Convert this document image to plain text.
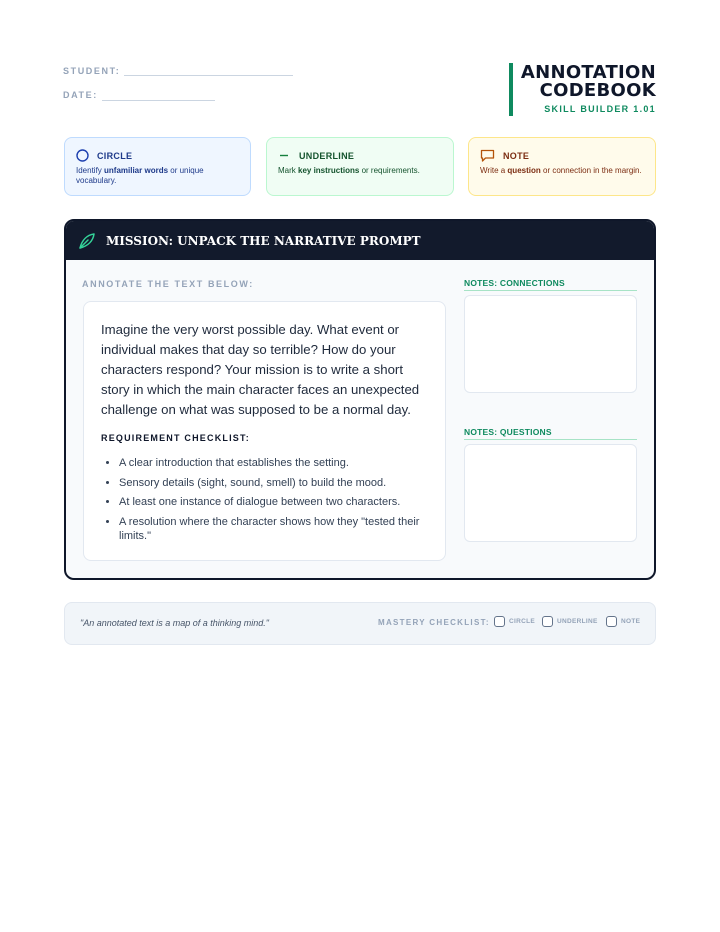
STUDENT:
DATE:
ANNOTATION
CODEBOOK
SKILL BUILDER 1.01
CIRCLE
Identify unfamiliar words or unique vocabulary.
UNDERLINE
Mark key instructions or requirements.
NOTE
Write a question or connection in the margin.
MISSION: UNPACK THE NARRATIVE PROMPT
ANNOTATE THE TEXT BELOW:

Imagine the very worst possible day. What event or individual makes that day so terrible? How do your characters respond? Your mission is to write a short story in which the main character faces an unexpected challenge on what was supposed to be a normal day.

REQUIREMENT CHECKLIST:
• A clear introduction that establishes the setting.
• Sensory details (sight, sound, smell) to build the mood.
• At least one instance of dialogue between two characters.
• A resolution where the character shows how they "tested their limits."
NOTES: CONNECTIONS
NOTES: QUESTIONS
"An annotated text is a map of a thinking mind."	MASTERY CHECKLIST:	CIRCLE	UNDERLINE	NOTE
